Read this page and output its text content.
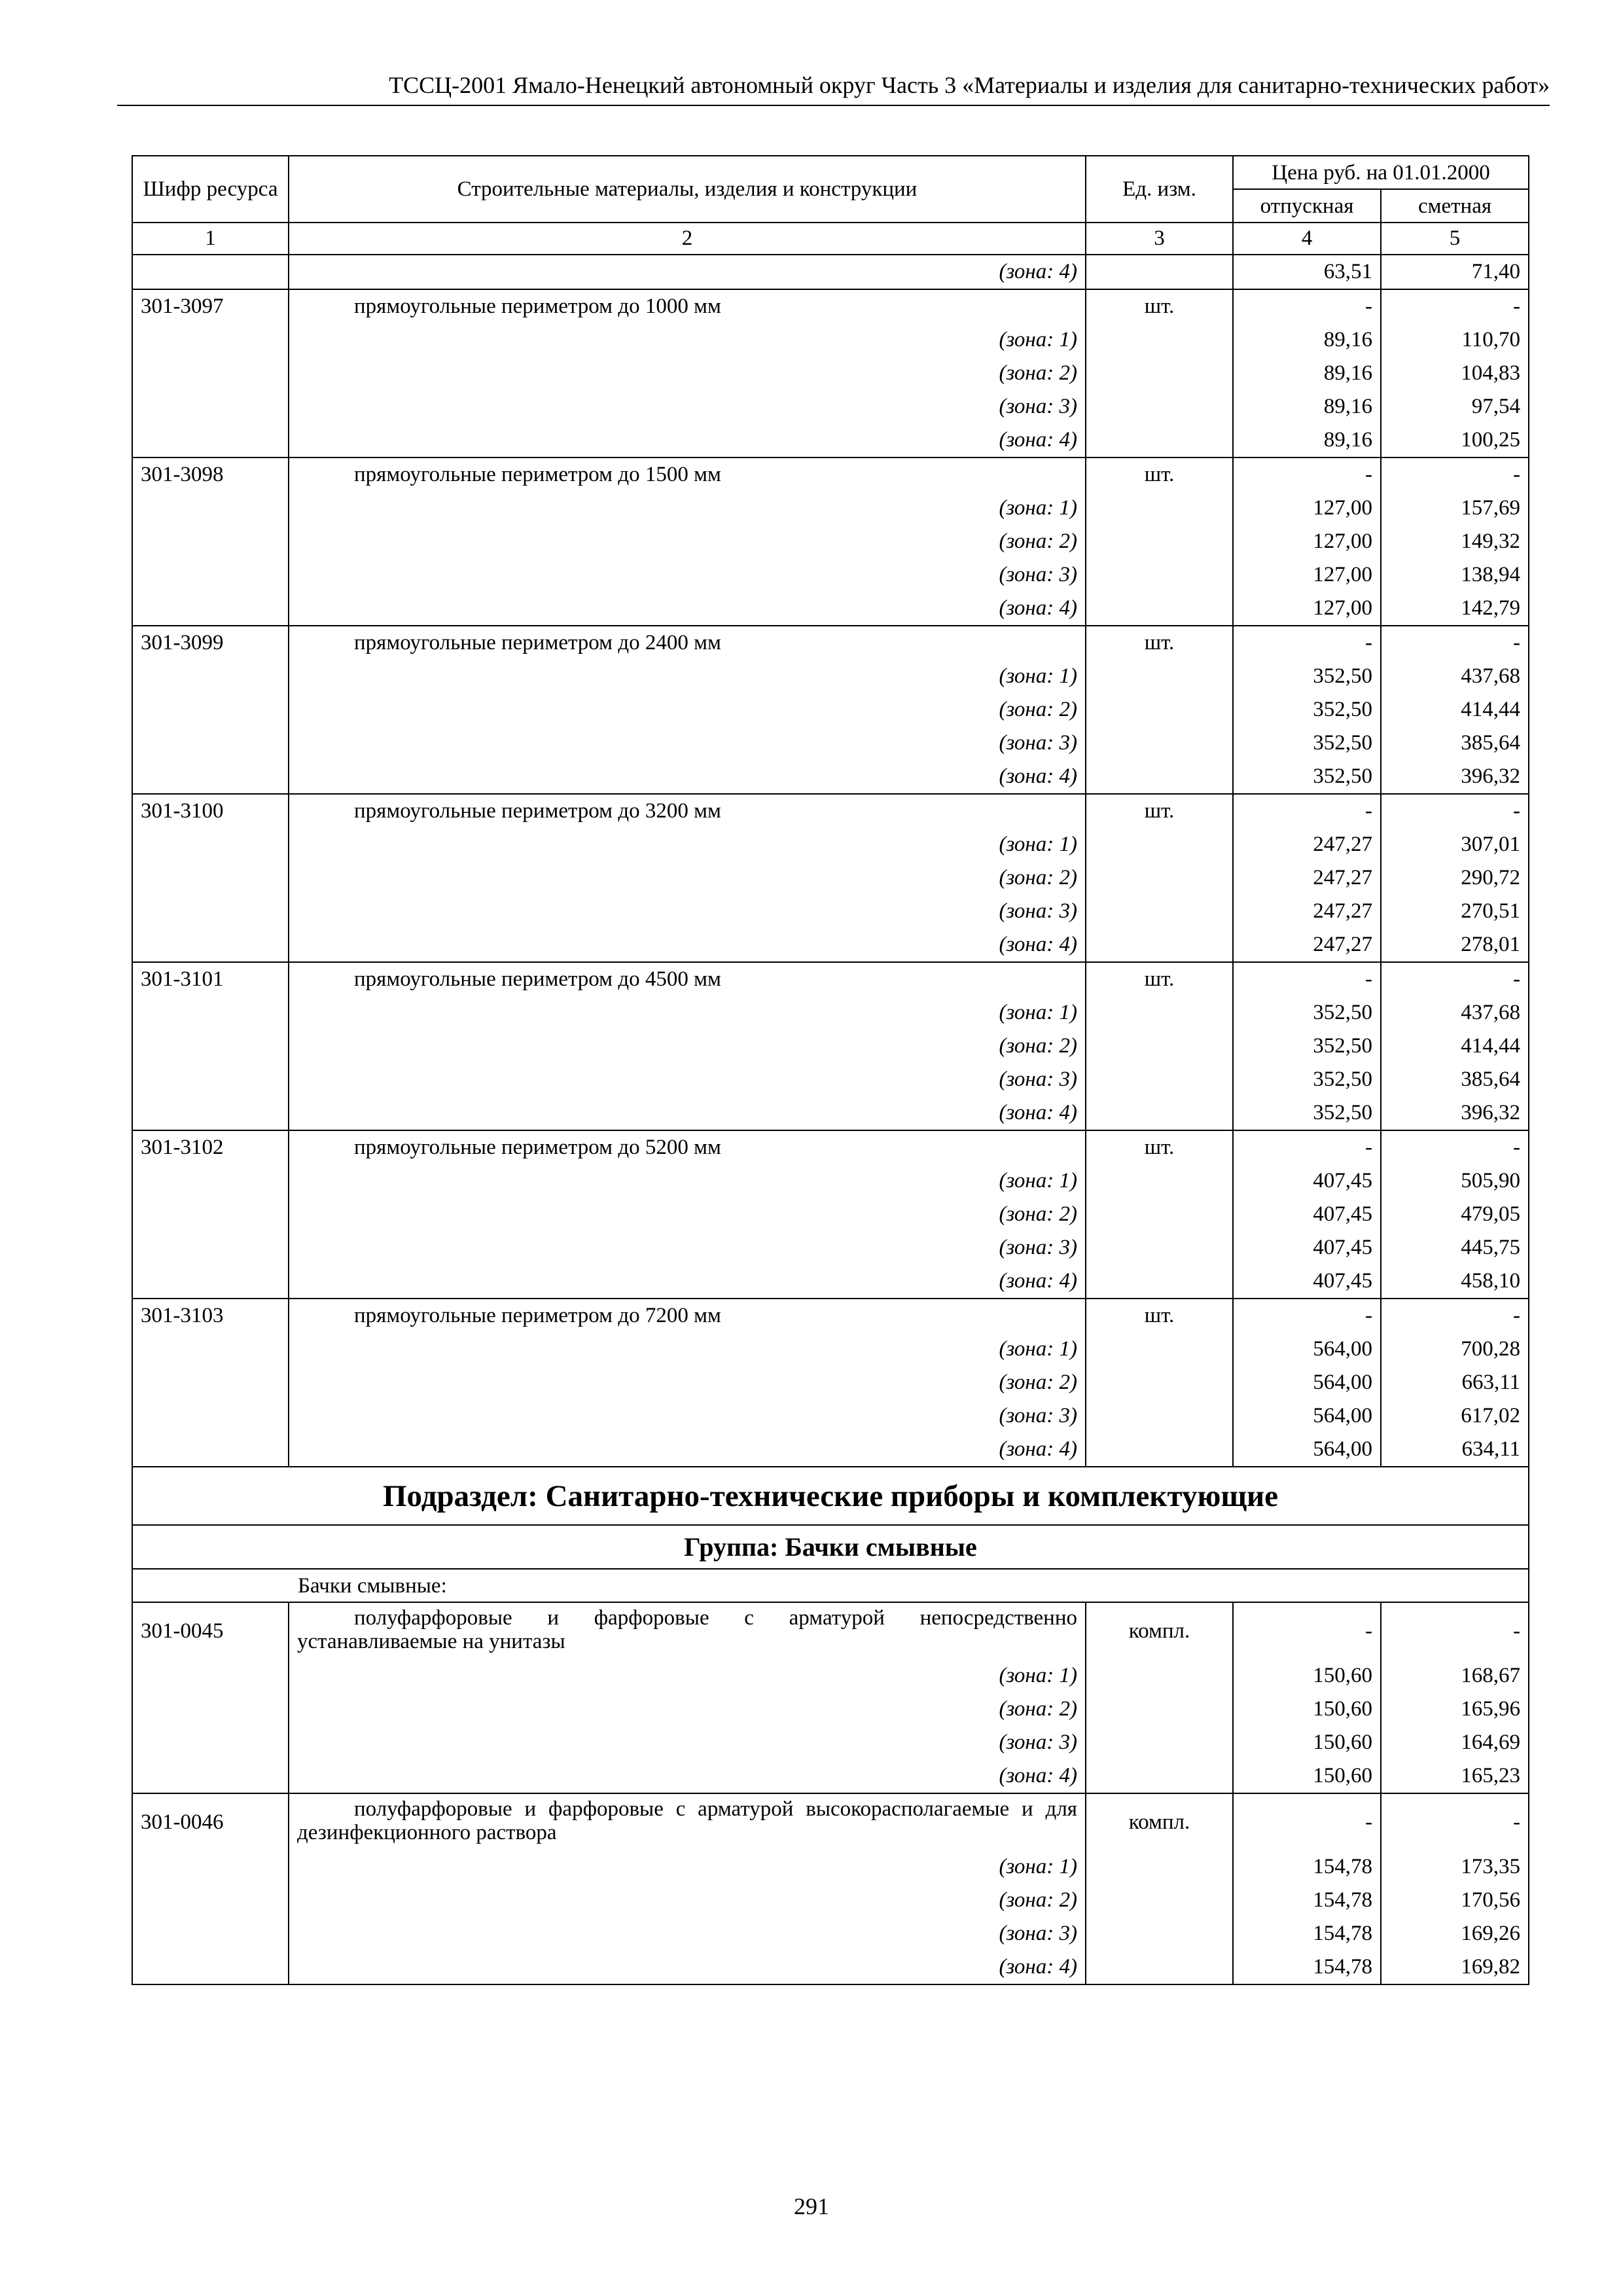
ТССЦ-2001 Ямало-Ненецкий автономный округ Часть 3 «Материалы и изделия для санитарно-технических работ»
Шифр ресурса	Строительные материалы, изделия и конструкции	Ед. изм.	Цена руб. на 01.01.2000	
			отпускная	сметная
1	2	3	4	5
	(зона: 4)		63,51	71,40
301-3097	прямоугольные периметром до 1000 мм	шт.	-	-
	(зона: 1)		89,16	110,70
	(зона: 2)		89,16	104,83
	(зона: 3)		89,16	97,54
	(зона: 4)		89,16	100,25
301-3098	прямоугольные периметром до 1500 мм	шт.	-	-
	(зона: 1)		127,00	157,69
	(зона: 2)		127,00	149,32
	(зона: 3)		127,00	138,94
	(зона: 4)		127,00	142,79
301-3099	прямоугольные периметром до 2400 мм	шт.	-	-
	(зона: 1)		352,50	437,68
	(зона: 2)		352,50	414,44
	(зона: 3)		352,50	385,64
	(зона: 4)		352,50	396,32
301-3100	прямоугольные периметром до 3200 мм	шт.	-	-
	(зона: 1)		247,27	307,01
	(зона: 2)		247,27	290,72
	(зона: 3)		247,27	270,51
	(зона: 4)		247,27	278,01
301-3101	прямоугольные периметром до 4500 мм	шт.	-	-
	(зона: 1)		352,50	437,68
	(зона: 2)		352,50	414,44
	(зона: 3)		352,50	385,64
	(зона: 4)		352,50	396,32
301-3102	прямоугольные периметром до 5200 мм	шт.	-	-
	(зона: 1)		407,45	505,90
	(зона: 2)		407,45	479,05
	(зона: 3)		407,45	445,75
	(зона: 4)		407,45	458,10
301-3103	прямоугольные периметром до 7200 мм	шт.	-	-
	(зона: 1)		564,00	700,28
	(зона: 2)		564,00	663,11
	(зона: 3)		564,00	617,02
	(зона: 4)		564,00	634,11
Подраздел: Санитарно-технические приборы и комплектующие				
Группа: Бачки смывные				
Бачки смывные:				
301-0045	полуфарфоровые и фарфоровые с арматурой непосредственно устанавливаемые на унитазы	компл.	-	-
	(зона: 1)		150,60	168,67
	(зона: 2)		150,60	165,96
	(зона: 3)		150,60	164,69
	(зона: 4)		150,60	165,23
301-0046	полуфарфоровые и фарфоровые с арматурой высокорасполагаемые и для дезинфекционного раствора	компл.	-	-
	(зона: 1)		154,78	173,35
	(зона: 2)		154,78	170,56
	(зона: 3)		154,78	169,26
	(зона: 4)		154,78	169,82
291
